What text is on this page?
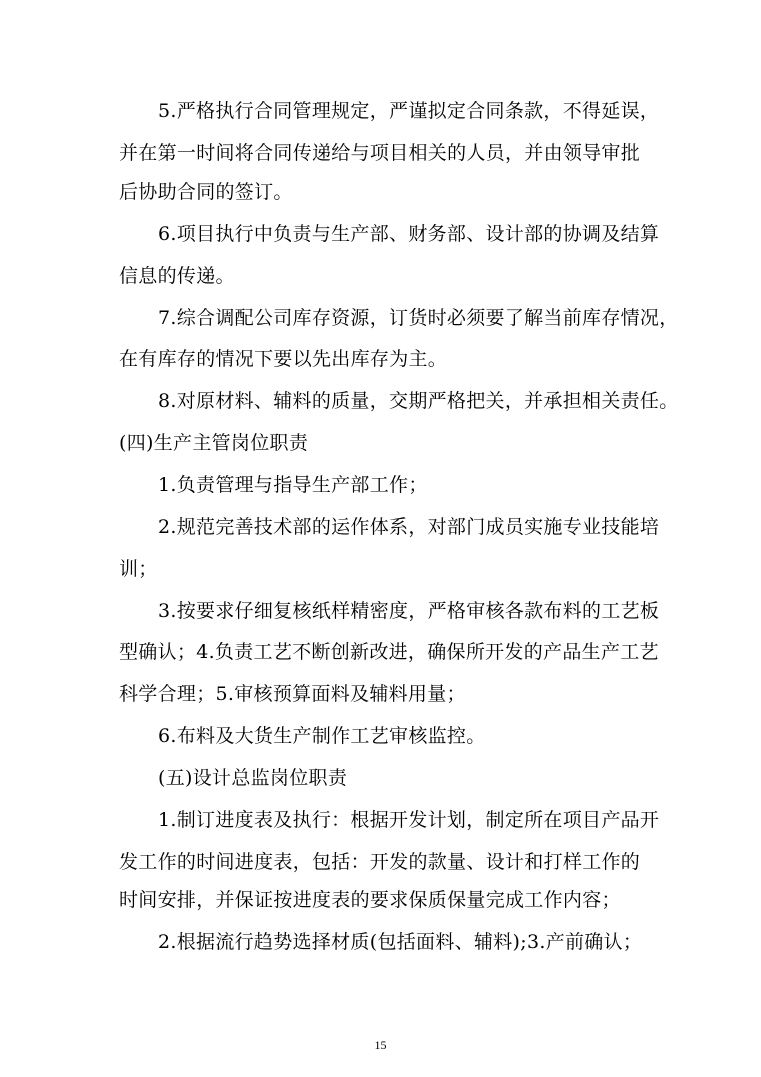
5.严格执行合同管理规定，严谨拟定合同条款，不得延误，
并在第一时间将合同传递给与项目相关的人员，并由领导审批
后协助合同的签订。
6.项目执行中负责与生产部、财务部、设计部的协调及结算
信息的传递。
7.综合调配公司库存资源，订货时必须要了解当前库存情况，
在有库存的情况下要以先出库存为主。
8.对原材料、辅料的质量，交期严格把关，并承担相关责任。
(四)生产主管岗位职责
1.负责管理与指导生产部工作；
2.规范完善技术部的运作体系，对部门成员实施专业技能培
训；
3.按要求仔细复核纸样精密度，严格审核各款布料的工艺板
型确认；4.负责工艺不断创新改进，确保所开发的产品生产工艺
科学合理；5.审核预算面料及辅料用量；
6.布料及大货生产制作工艺审核监控。
(五)设计总监岗位职责
1.制订进度表及执行：根据开发计划，制定所在项目产品开
发工作的时间进度表，包括：开发的款量、设计和打样工作的
时间安排，并保证按进度表的要求保质保量完成工作内容；
2.根据流行趋势选择材质(包括面料、辅料);3.产前确认；
15
